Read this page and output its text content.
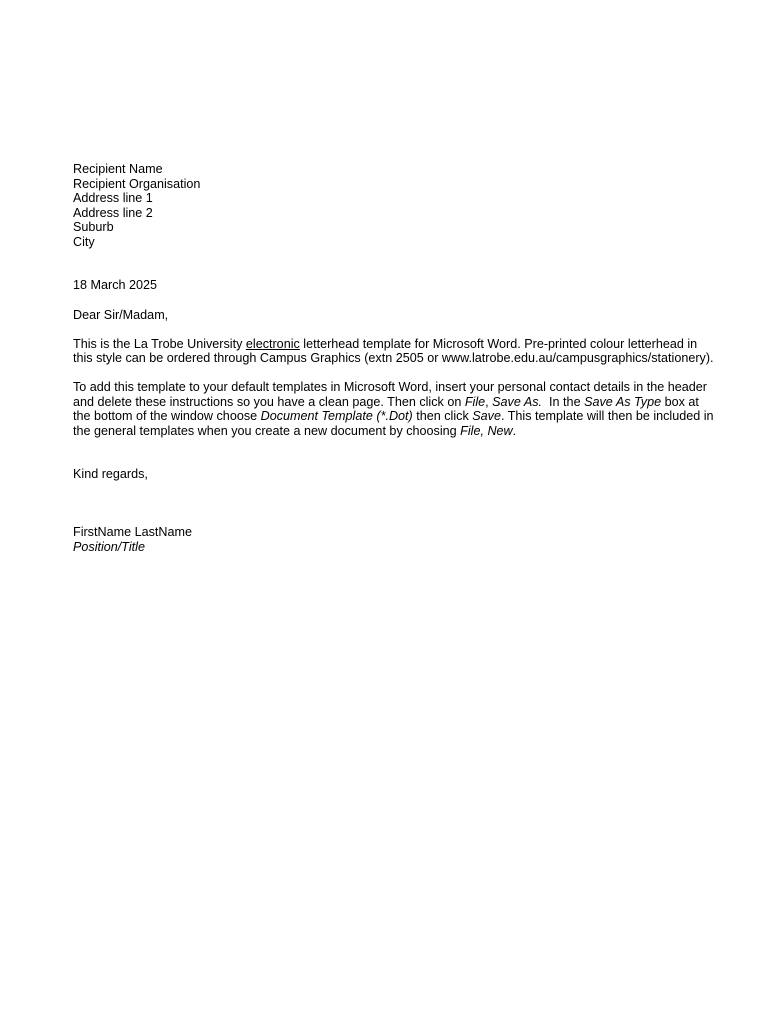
Recipient Name
Recipient Organisation
Address line 1
Address line 2
Suburb
City
18 March 2025
Dear Sir/Madam,
This is the La Trobe University electronic letterhead template for Microsoft Word. Pre-printed colour letterhead in
this style can be ordered through Campus Graphics (extn 2505 or www.latrobe.edu.au/campusgraphics/stationery).
To add this template to your default templates in Microsoft Word, insert your personal contact details in the header
and delete these instructions so you have a clean page. Then click on File, Save As.  In the Save As Type box at
the bottom of the window choose Document Template (*.Dot) then click Save. This template will then be included in
the general templates when you create a new document by choosing File, New.
Kind regards,
FirstName LastName
Position/Title
